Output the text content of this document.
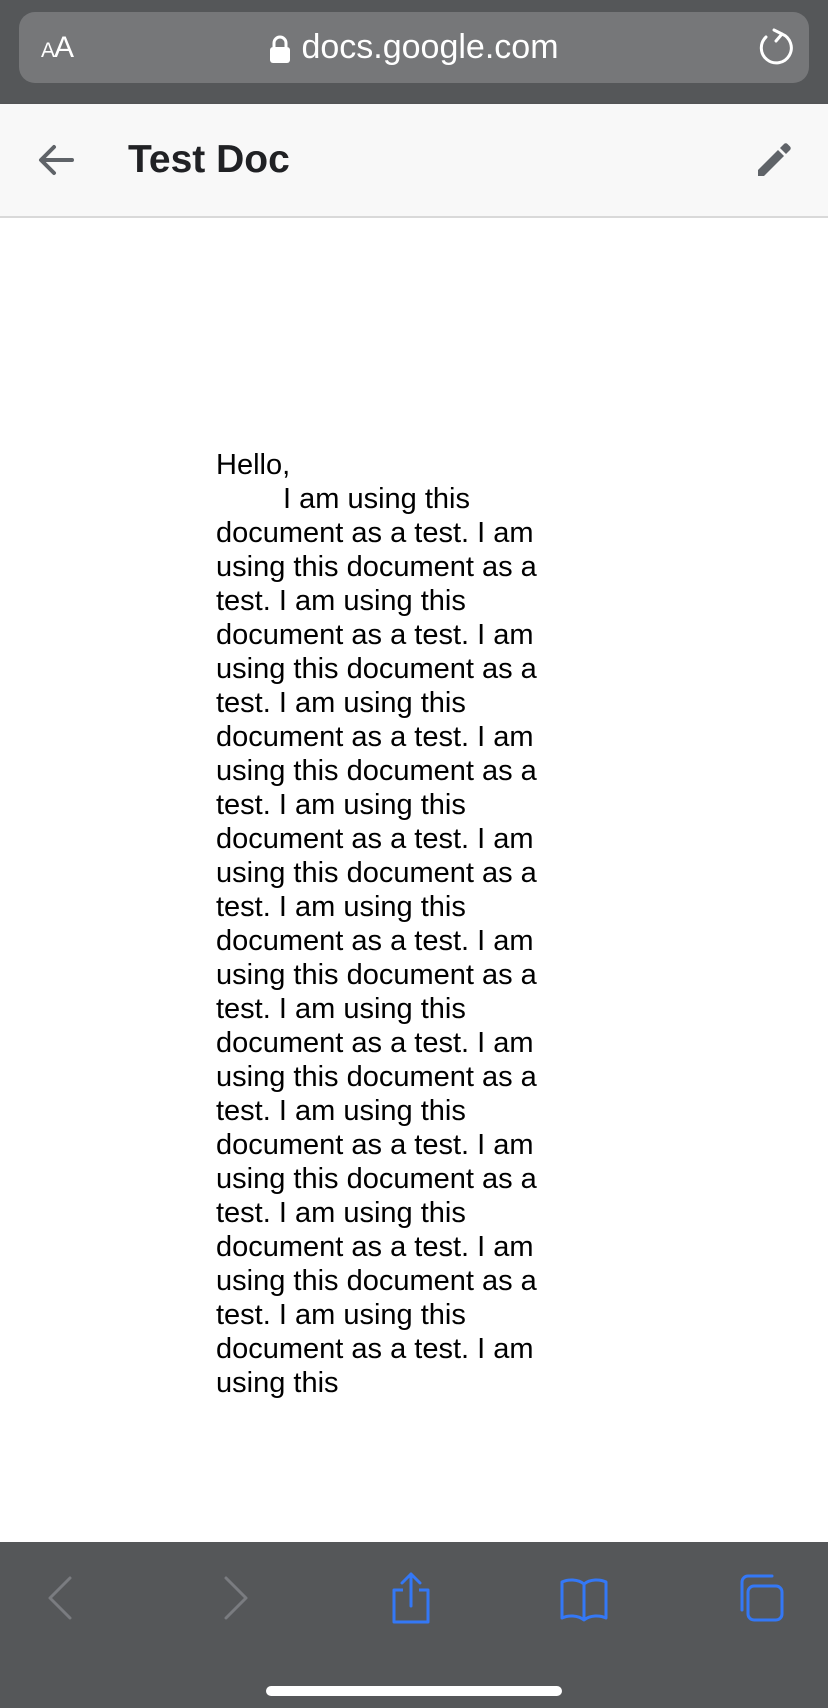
AA	docs.google.com
Test Doc

Hello,

I am using this document as a test. I am using this document as a test. I am using this document as a test. I am using this document as a test. I am using this document as a test. I am using this document as a test. I am using this document as a test. I am using this document as a test. I am using this document as a test. I am using this document as a test. I am using this document as a test. I am using this document as a test. I am using this document as a test. I am using this document as a test. I am using this document as a test. I am using this document as a test. I am using this document as a test. I am using this
